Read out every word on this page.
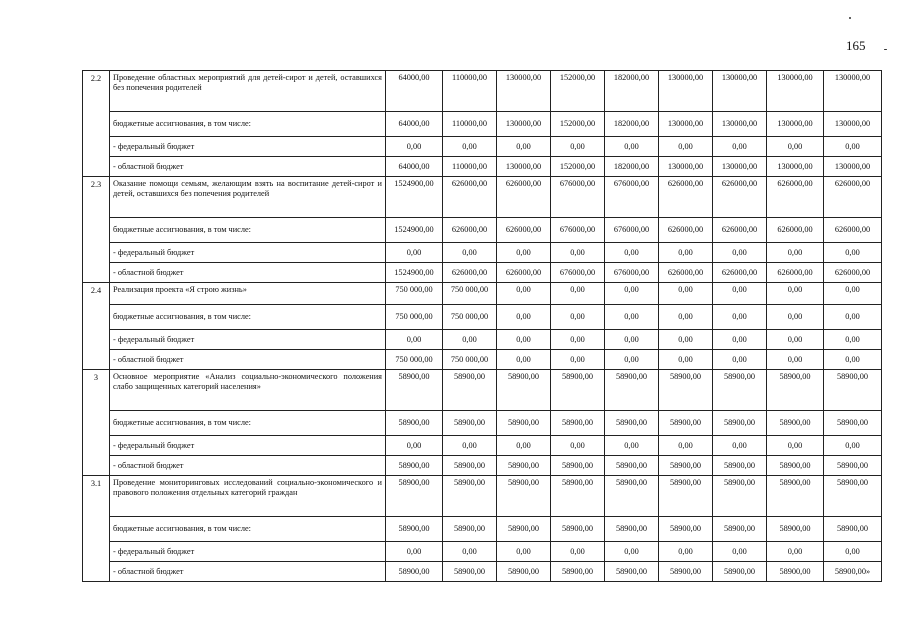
165
2.2	Проведение областных мероприятий для детей-сирот и детей, оставшихся без попечения родителей	64000,00	110000,00	130000,00	152000,00	182000,00	130000,00	130000,00	130000,00	130000,00
	бюджетные ассигнования, в том числе:	64000,00	110000,00	130000,00	152000,00	182000,00	130000,00	130000,00	130000,00	130000,00
	- федеральный бюджет	0,00	0,00	0,00	0,00	0,00	0,00	0,00	0,00	0,00
	- областной бюджет	64000,00	110000,00	130000,00	152000,00	182000,00	130000,00	130000,00	130000,00	130000,00
2.3	Оказание помощи семьям, желающим взять на воспитание детей-сирот и детей, оставшихся без попечения родителей	1524900,00	626000,00	626000,00	676000,00	676000,00	626000,00	626000,00	626000,00	626000,00
	бюджетные ассигнования, в том числе:	1524900,00	626000,00	626000,00	676000,00	676000,00	626000,00	626000,00	626000,00	626000,00
	- федеральный бюджет	0,00	0,00	0,00	0,00	0,00	0,00	0,00	0,00	0,00
	- областной бюджет	1524900,00	626000,00	626000,00	676000,00	676000,00	626000,00	626000,00	626000,00	626000,00
2.4	Реализация проекта «Я строю жизнь»	750 000,00	750 000,00	0,00	0,00	0,00	0,00	0,00	0,00	0,00
	бюджетные ассигнования, в том числе:	750 000,00	750 000,00	0,00	0,00	0,00	0,00	0,00	0,00	0,00
	- федеральный бюджет	0,00	0,00	0,00	0,00	0,00	0,00	0,00	0,00	0,00
	- областной бюджет	750 000,00	750 000,00	0,00	0,00	0,00	0,00	0,00	0,00	0,00
3	Основное мероприятие «Анализ социально-экономического положения слабо защищенных категорий населения»	58900,00	58900,00	58900,00	58900,00	58900,00	58900,00	58900,00	58900,00	58900,00
	бюджетные ассигнования, в том числе:	58900,00	58900,00	58900,00	58900,00	58900,00	58900,00	58900,00	58900,00	58900,00
	- федеральный бюджет	0,00	0,00	0,00	0,00	0,00	0,00	0,00	0,00	0,00
	- областной бюджет	58900,00	58900,00	58900,00	58900,00	58900,00	58900,00	58900,00	58900,00	58900,00
3.1	Проведение мониторинговых исследований социально-экономического и правового положения отдельных категорий граждан	58900,00	58900,00	58900,00	58900,00	58900,00	58900,00	58900,00	58900,00	58900,00
	бюджетные ассигнования, в том числе:	58900,00	58900,00	58900,00	58900,00	58900,00	58900,00	58900,00	58900,00	58900,00
	- федеральный бюджет	0,00	0,00	0,00	0,00	0,00	0,00	0,00	0,00	0,00
	- областной бюджет	58900,00	58900,00	58900,00	58900,00	58900,00	58900,00	58900,00	58900,00	58900,00»
